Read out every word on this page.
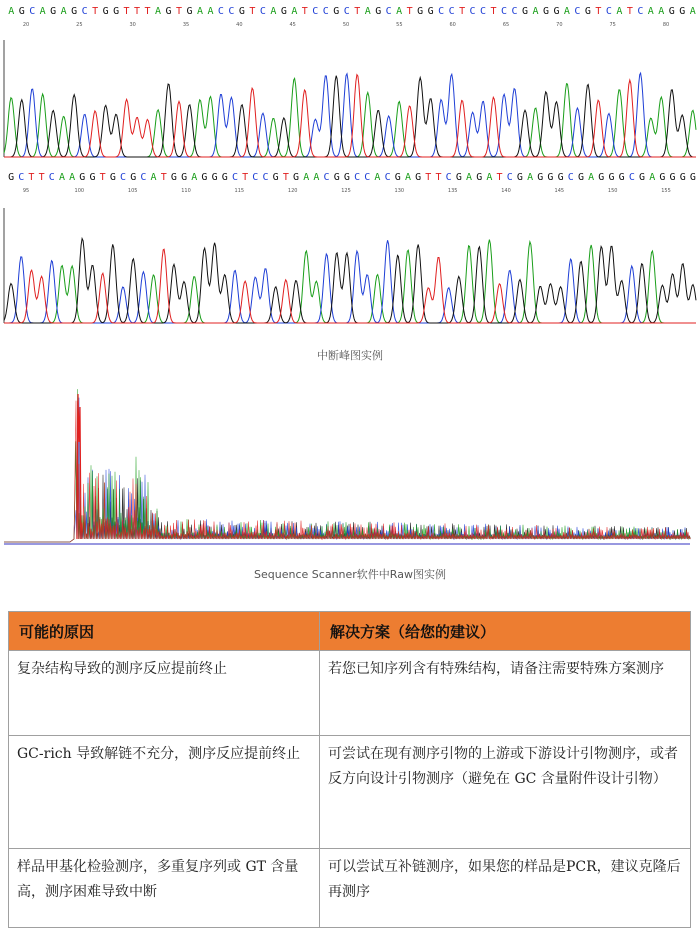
A G C A G A G C T G G T T T A G T G A A C C G T C A G A T C C G C T A G C A T G G C C T C C T C C G A G G A C G T C A T C A A G G A
20	25	30	35	40	45	50	55	60	65	70	75	80
G C T T C A A G G T G C G C A T G G A G G G C T C C G T G A A C G G C C A C G A G T T C G A G A T C G A G G G C G A G G G C G A G G G G
95	100	105	110	115	120	125	130	135	140	145	150	155
中断峰图实例
Sequence Scanner软件中Raw图实例
可能的原因	解决方案（给您的建议）
复杂结构导致的测序反应提前终止	若您已知序列含有特殊结构，请备注需要特殊方案测序
GC-rich 导致解链不充分，测序反应提前终止	可尝试在现有测序引物的上游或下游设计引物测序，或者反方向设计引物测序（避免在 GC 含量附件设计引物）
样品甲基化检验测序，多重复序列或 GT 含量高，测序困难导致中断	可以尝试互补链测序，如果您的样品是PCR，建议克隆后再测序
